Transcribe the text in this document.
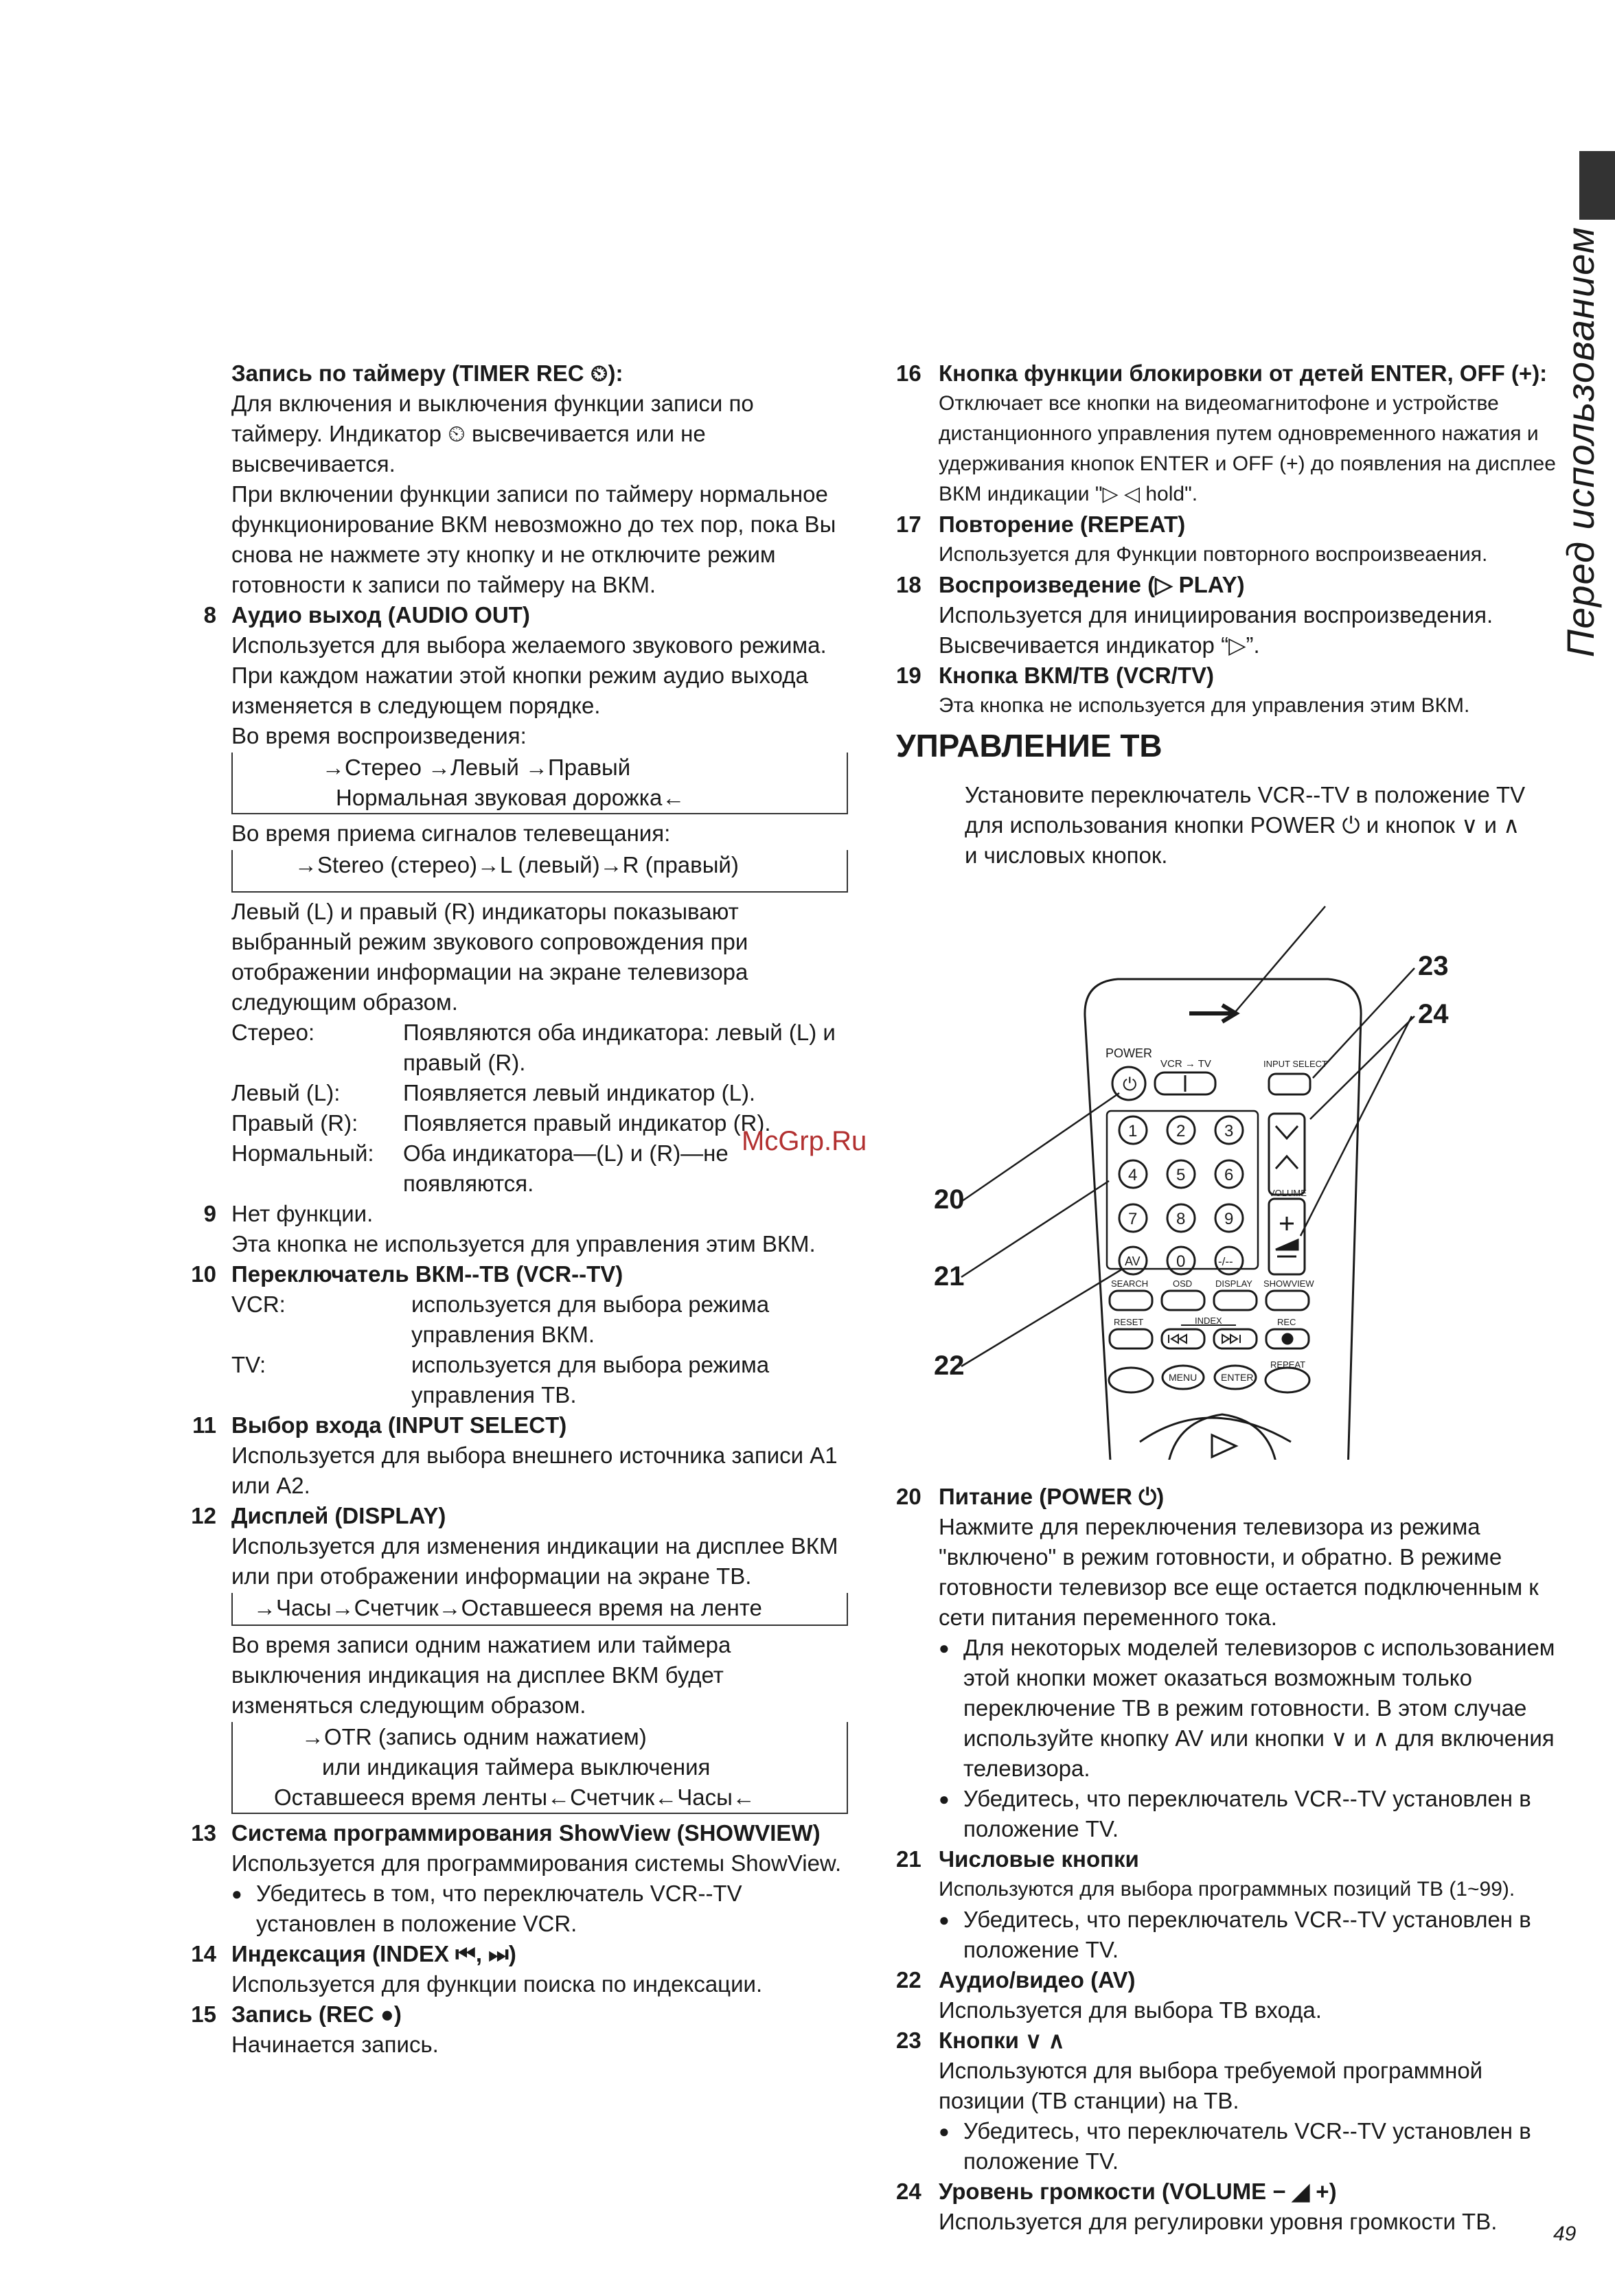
Перед использованием
Запись по таймеру (TIMER REC ⏲):

Для включения и выключения функции записи по таймеру. Индикатор ⏲ высвечивается или не высвечивается.

При включении функции записи по таймеру нормальное функционирование ВКМ невозможно до тех пор, пока Вы снова не нажмете эту кнопку и не отключите режим готовности к записи по таймеру на ВКМ.

8 Аудио выход (AUDIO OUT)

Используется для выбора желаемого звукового режима. При каждом нажатии этой кнопки режим аудио выхода изменяется в следующем порядке.

Во время воспроизведения:

→Стерео →Левый →Правый
Нормальная звуковая дорожка←

Во время приема сигналов телевещания:

→Stereo (стерео)→L (левый)→R (правый)

Левый (L) и правый (R) индикаторы показывают выбранный режим звукового сопровождения при отображении информации на экране телевизора следующим образом.

Стерео:	Появляются оба индикатора: левый (L) и правый (R).
Левый (L):	Появляется левый индикатор (L).
Правый (R):	Появляется правый индикатор (R).
Нормальный:	Оба индикатора—(L) и (R)—не появляются.
9 Нет функции.

Эта кнопка не используется для управления этим ВКМ.

10 Переключатель ВКМ--ТВ (VCR--TV)
VCR:	используется для выбора режима управления ВКМ.
TV:	используется для выбора режима управления ТВ.
11 Выбор входа (INPUT SELECT)

Используется для выбора внешнего источника записи A1 или A2.

12 Дисплей (DISPLAY)

Используется для изменения индикации на дисплее ВКМ или при отображении информации на экране ТВ.

→Часы→Счетчик→Оставшееся время на ленте

Во время записи одним нажатием или таймера выключения индикация на дисплее ВКМ будет изменяться следующим образом.

→OTR (запись одним нажатием)
или индикация таймера выключения
Оставшееся время ленты←Счетчик←Часы←
13 Система программирования ShowView (SHOWVIEW)

Используется для программирования системы ShowView.

● Убедитесь в том, что переключатель VCR--TV установлен в положение VCR.
14 Индексация (INDEX ⏮, ⏭)

Используется для функции поиска по индексации.

15 Запись (REC ●)

Начинается запись.

16 Кнопка функции блокировки от детей ENTER, OFF (+):

Отключает все кнопки на видеомагнитофоне и устройстве дистанционного управления путем одновременного нажатия и удерживания кнопок ENTER и OFF (+) до появления на дисплее ВКМ индикации "▷ ◁ hold".

17 Повторение (REPEAT)

Используется для Функции повторного воспроизвеаения.

18 Воспроизведение (▷ PLAY)

Используется для инициирования воспроизведения. Высвечивается индикатор “▷”.

19 Кнопка ВКМ/ТВ (VCR/TV)

Эта кнопка не используется для управления этим ВКМ.

УПРАВЛЕНИЕ ТВ

Установите переключатель VCR--TV в положение TV для использования кнопки POWER ⏻ и кнопок ∨ и ∧ и числовых кнопок.

POWER
VCR → TV	INPUT SELECT
⏻
1 2 3
4 5 6
7 8 9
AV 0	-/--
VOLUME
SEARCH	OSD	DISPLAY SHOWVIEW
RESET	INDEX	REC
MENU ENTER
REPEAT
23
24
20
21
22
McGrp.Ru
20 Питание (POWER ⏻)

Нажмите для переключения телевизора из режима "включено" в режим готовности, и обратно. В режиме готовности телевизор все еще остается подключенным к сети питания переменного тока.

● Для некоторых моделей телевизоров с использованием этой кнопки может оказаться возможным только переключение ТВ в режим готовности. В этом случае используйте кнопку AV или кнопки ∨ и ∧ для включения телевизора.
● Убедитесь, что переключатель VCR--TV установлен в положение TV.
21 Числовые кнопки

Используются для выбора программных позиций ТВ (1~99).

● Убедитесь, что переключатель VCR--TV установлен в положение TV.
22 Аудио/видео (AV)

Используется для выбора ТВ входа.

23 Кнопки ∨ ∧

Используются для выбора требуемой программной позиции (ТВ станции) на ТВ.

● Убедитесь, что переключатель VCR--TV установлен в положение TV.
24 Уровень громкости (VOLUME − ◢ +)

Используется для регулировки уровня громкости ТВ.	49
